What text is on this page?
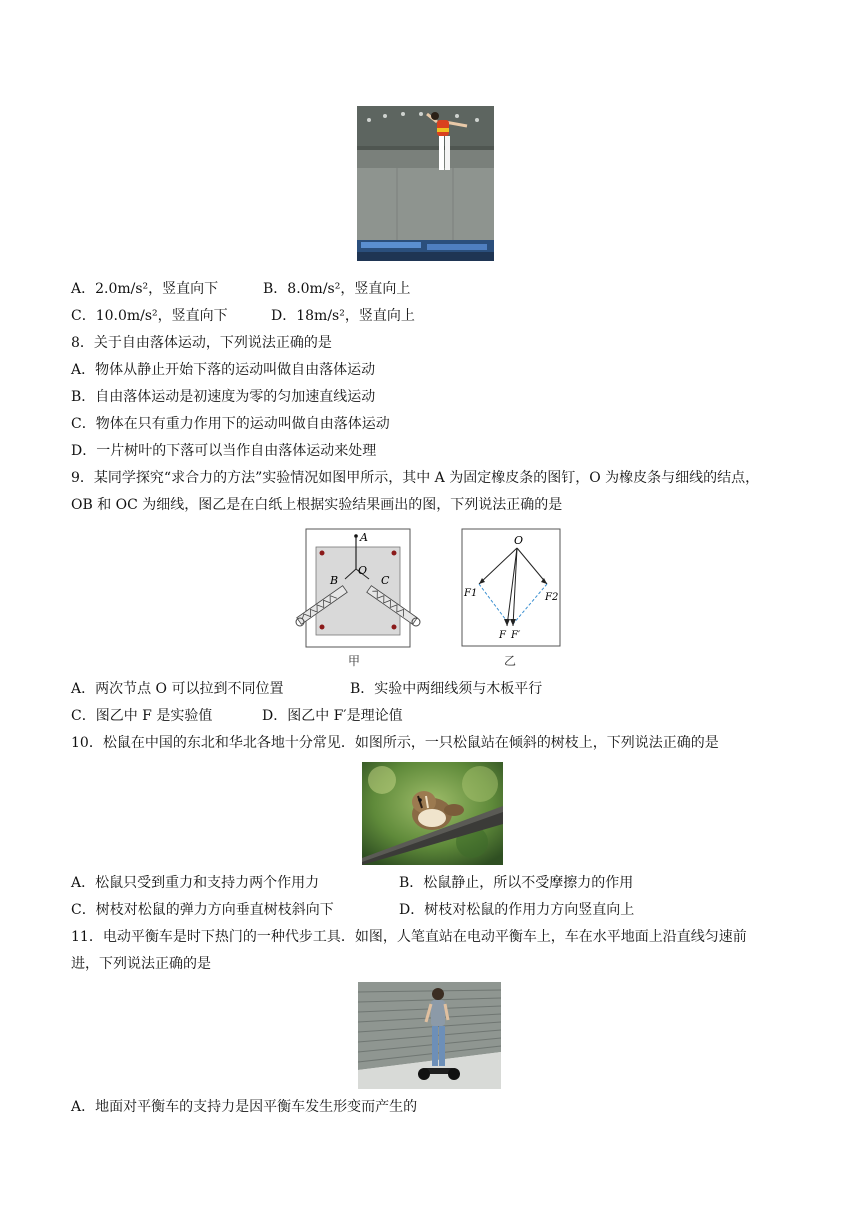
A．2.0m/s²，竖直向下	B．8.0m/s²，竖直向上
C．10.0m/s²，竖直向下	D．18m/s²，竖直向上
8．关于自由落体运动，下列说法正确的是
A．物体从静止开始下落的运动叫做自由落体运动
B．自由落体运动是初速度为零的匀加速直线运动
C．物体在只有重力作用下的运动叫做自由落体运动
D．一片树叶的下落可以当作自由落体运动来处理
9．某同学探究“求合力的方法”实验情况如图甲所示，其中 A 为固定橡皮条的图钉，O 为橡皮条与细线的结点，
OB 和 OC 为细线，图乙是在白纸上根据实验结果画出的图，下列说法正确的是
A
B
O
C
甲
O
F1	F2
F F′
乙
A．两次节点 O 可以拉到不同位置	B．实验中两细线须与木板平行
C．图乙中 F 是实验值	D．图乙中 F′是理论值
10．松鼠在中国的东北和华北各地十分常见．如图所示，一只松鼠站在倾斜的树枝上，下列说法正确的是
A．松鼠只受到重力和支持力两个作用力	B．松鼠静止，所以不受摩擦力的作用
C．树枝对松鼠的弹力方向垂直树枝斜向下	D．树枝对松鼠的作用力方向竖直向上
11．电动平衡车是时下热门的一种代步工具．如图，人笔直站在电动平衡车上，车在水平地面上沿直线匀速前
进，下列说法正确的是
A．地面对平衡车的支持力是因平衡车发生形变而产生的
